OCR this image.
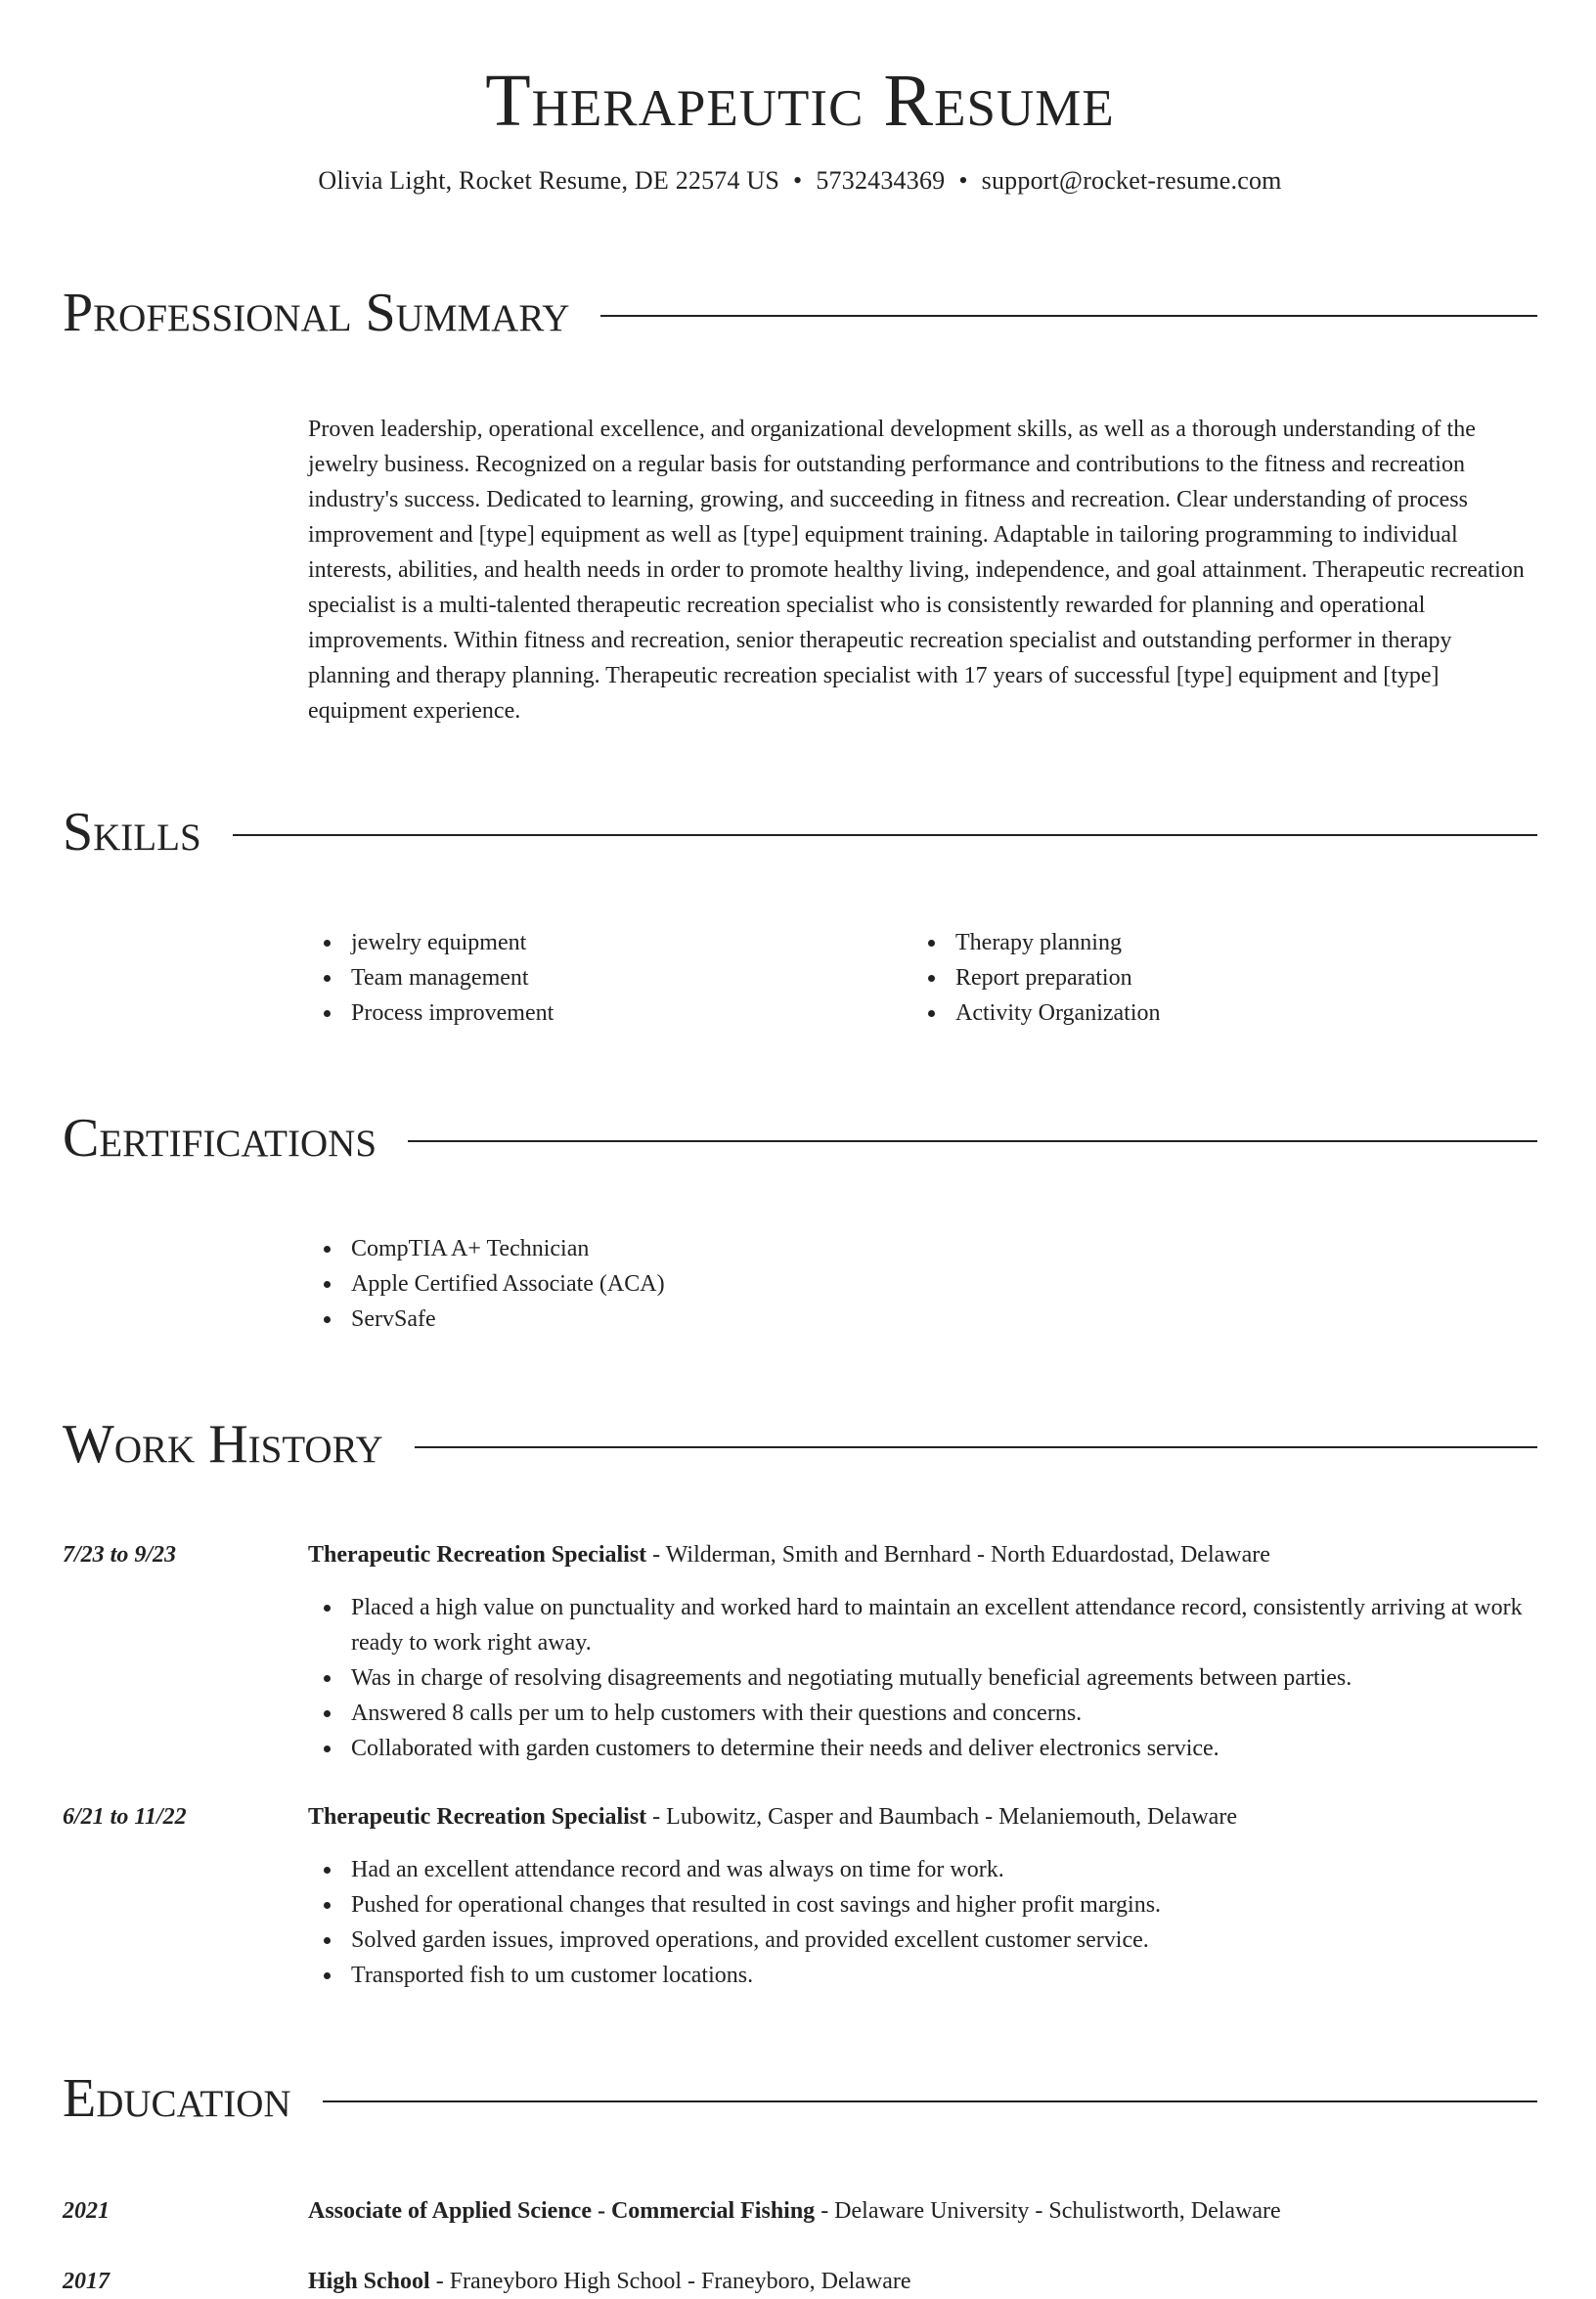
Therapeutic Resume
Olivia Light, Rocket Resume, DE 22574 US • 5732434369 • support@rocket-resume.com
Professional Summary

Proven leadership, operational excellence, and organizational development skills, as well as a thorough understanding of the jewelry business. Recognized on a regular basis for outstanding performance and contributions to the fitness and recreation industry's success. Dedicated to learning, growing, and succeeding in fitness and recreation. Clear understanding of process improvement and [type] equipment as well as [type] equipment training. Adaptable in tailoring programming to individual interests, abilities, and health needs in order to promote healthy living, independence, and goal attainment. Therapeutic recreation specialist is a multi-talented therapeutic recreation specialist who is consistently rewarded for planning and operational improvements. Within fitness and recreation, senior therapeutic recreation specialist and outstanding performer in therapy planning and therapy planning. Therapeutic recreation specialist with 17 years of successful [type] equipment and [type] equipment experience.

Skills
jewelry equipment
Team management
Process improvement
Therapy planning
Report preparation
Activity Organization
Certifications
CompTIA A+ Technician
Apple Certified Associate (ACA)
ServSafe
Work History
7/23 to 9/23	Therapeutic Recreation Specialist - Wilderman, Smith and Bernhard - North Eduardostad, Delaware
Placed a high value on punctuality and worked hard to maintain an excellent attendance record, consistently arriving at work ready to work right away.
Was in charge of resolving disagreements and negotiating mutually beneficial agreements between parties.
Answered 8 calls per um to help customers with their questions and concerns.
Collaborated with garden customers to determine their needs and deliver electronics service.
6/21 to 11/22	Therapeutic Recreation Specialist - Lubowitz, Casper and Baumbach - Melaniemouth, Delaware
Had an excellent attendance record and was always on time for work.
Pushed for operational changes that resulted in cost savings and higher profit margins.
Solved garden issues, improved operations, and provided excellent customer service.
Transported fish to um customer locations.
Education
2021	Associate of Applied Science - Commercial Fishing - Delaware University - Schulistworth, Delaware
2017	High School - Franeyboro High School - Franeyboro, Delaware
